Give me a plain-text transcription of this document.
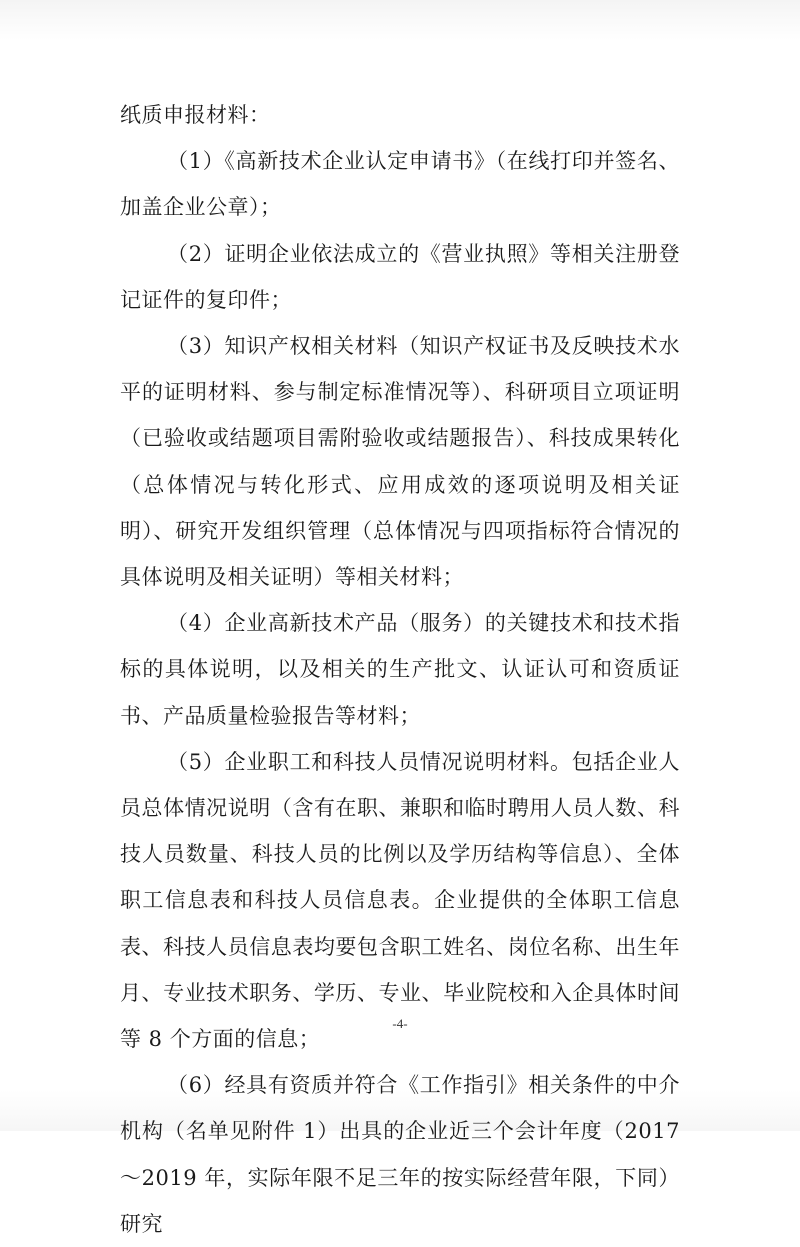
纸质申报材料：

（1）《高新技术企业认定申请书》（在线打印并签名、加盖企业公章）；

（2）证明企业依法成立的《营业执照》等相关注册登记证件的复印件；

（3）知识产权相关材料（知识产权证书及反映技术水平的证明材料、参与制定标准情况等）、科研项目立项证明（已验收或结题项目需附验收或结题报告）、科技成果转化（总体情况与转化形式、应用成效的逐项说明及相关证明）、研究开发组织管理（总体情况与四项指标符合情况的具体说明及相关证明）等相关材料；

（4）企业高新技术产品（服务）的关键技术和技术指标的具体说明，以及相关的生产批文、认证认可和资质证书、产品质量检验报告等材料；

（5）企业职工和科技人员情况说明材料。包括企业人员总体情况说明（含有在职、兼职和临时聘用人员人数、科技人员数量、科技人员的比例以及学历结构等信息）、全体职工信息表和科技人员信息表。企业提供的全体职工信息表、科技人员信息表均要包含职工姓名、岗位名称、出生年月、专业技术职务、学历、专业、毕业院校和入企具体时间等 8 个方面的信息；

（6）经具有资质并符合《工作指引》相关条件的中介机构（名单见附件 1）出具的企业近三个会计年度（2017～2019 年，实际年限不足三年的按实际经营年限，下同）研究

-4-
